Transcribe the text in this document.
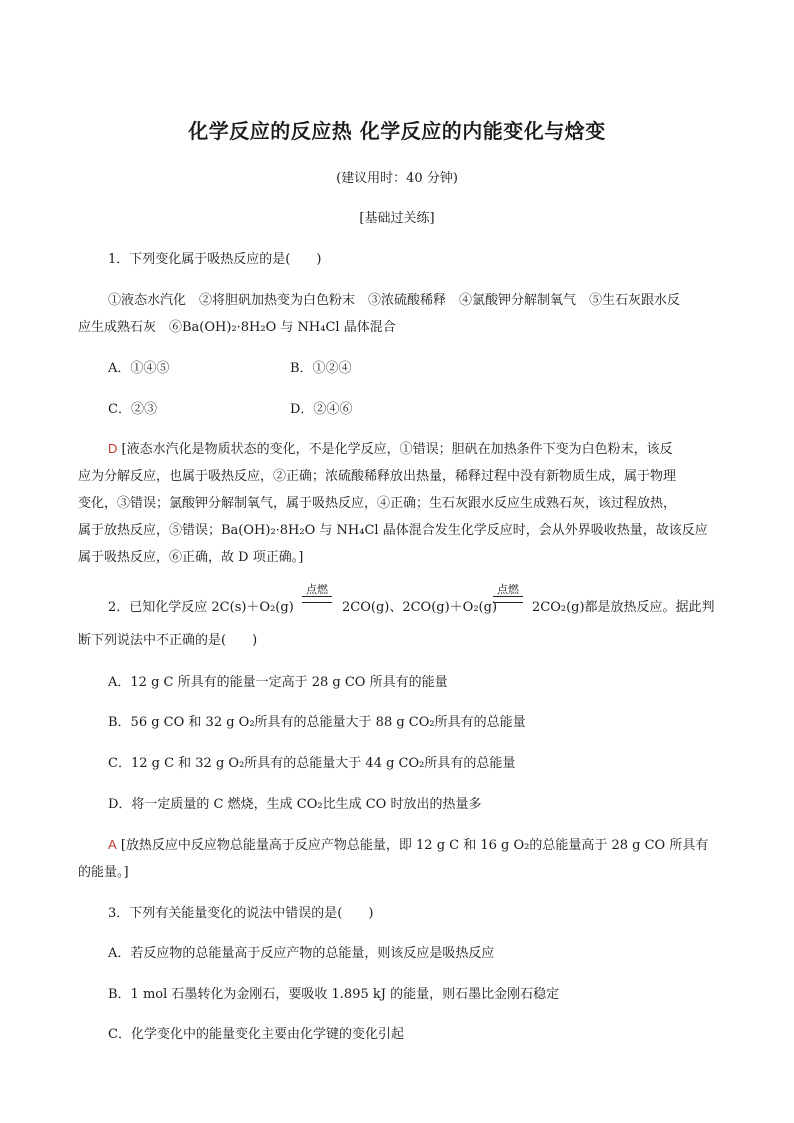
化学反应的反应热 化学反应的内能变化与焓变
(建议用时：40 分钟)
[基础过关练]
1．下列变化属于吸热反应的是(　　)
①液态水汽化　②将胆矾加热变为白色粉末　③浓硫酸稀释　④氯酸钾分解制氧气　⑤生石灰跟水反
应生成熟石灰　⑥Ba(OH)₂·8H₂O 与 NH₄Cl 晶体混合
A．①④⑤	B．①②④
C．②③	D．②④⑥
D [液态水汽化是物质状态的变化，不是化学反应，①错误；胆矾在加热条件下变为白色粉末，该反
应为分解反应，也属于吸热反应，②正确；浓硫酸稀释放出热量，稀释过程中没有新物质生成，属于物理
变化，③错误；氯酸钾分解制氧气，属于吸热反应，④正确；生石灰跟水反应生成熟石灰，该过程放热，
属于放热反应，⑤错误；Ba(OH)₂·8H₂O 与 NH₄Cl 晶体混合发生化学反应时，会从外界吸收热量，故该反应
属于吸热反应，⑥正确，故 D 项正确。]
2．已知化学反应 2C(s)＋O₂(g)
点燃
2CO(g)、2CO(g)＋O₂(g)
点燃
2CO₂(g)都是放热反应。据此判
断下列说法中不正确的是(　　)
A．12 g C 所具有的能量一定高于 28 g CO 所具有的能量
B．56 g CO 和 32 g O₂所具有的总能量大于 88 g CO₂所具有的总能量
C．12 g C 和 32 g O₂所具有的总能量大于 44 g CO₂所具有的总能量
D．将一定质量的 C 燃烧，生成 CO₂比生成 CO 时放出的热量多
A [放热反应中反应物总能量高于反应产物总能量，即 12 g C 和 16 g O₂的总能量高于 28 g CO 所具有
的能量。]
3．下列有关能量变化的说法中错误的是(　　)
A．若反应物的总能量高于反应产物的总能量，则该反应是吸热反应
B．1 mol 石墨转化为金刚石，要吸收 1.895 kJ 的能量，则石墨比金刚石稳定
C．化学变化中的能量变化主要由化学键的变化引起
